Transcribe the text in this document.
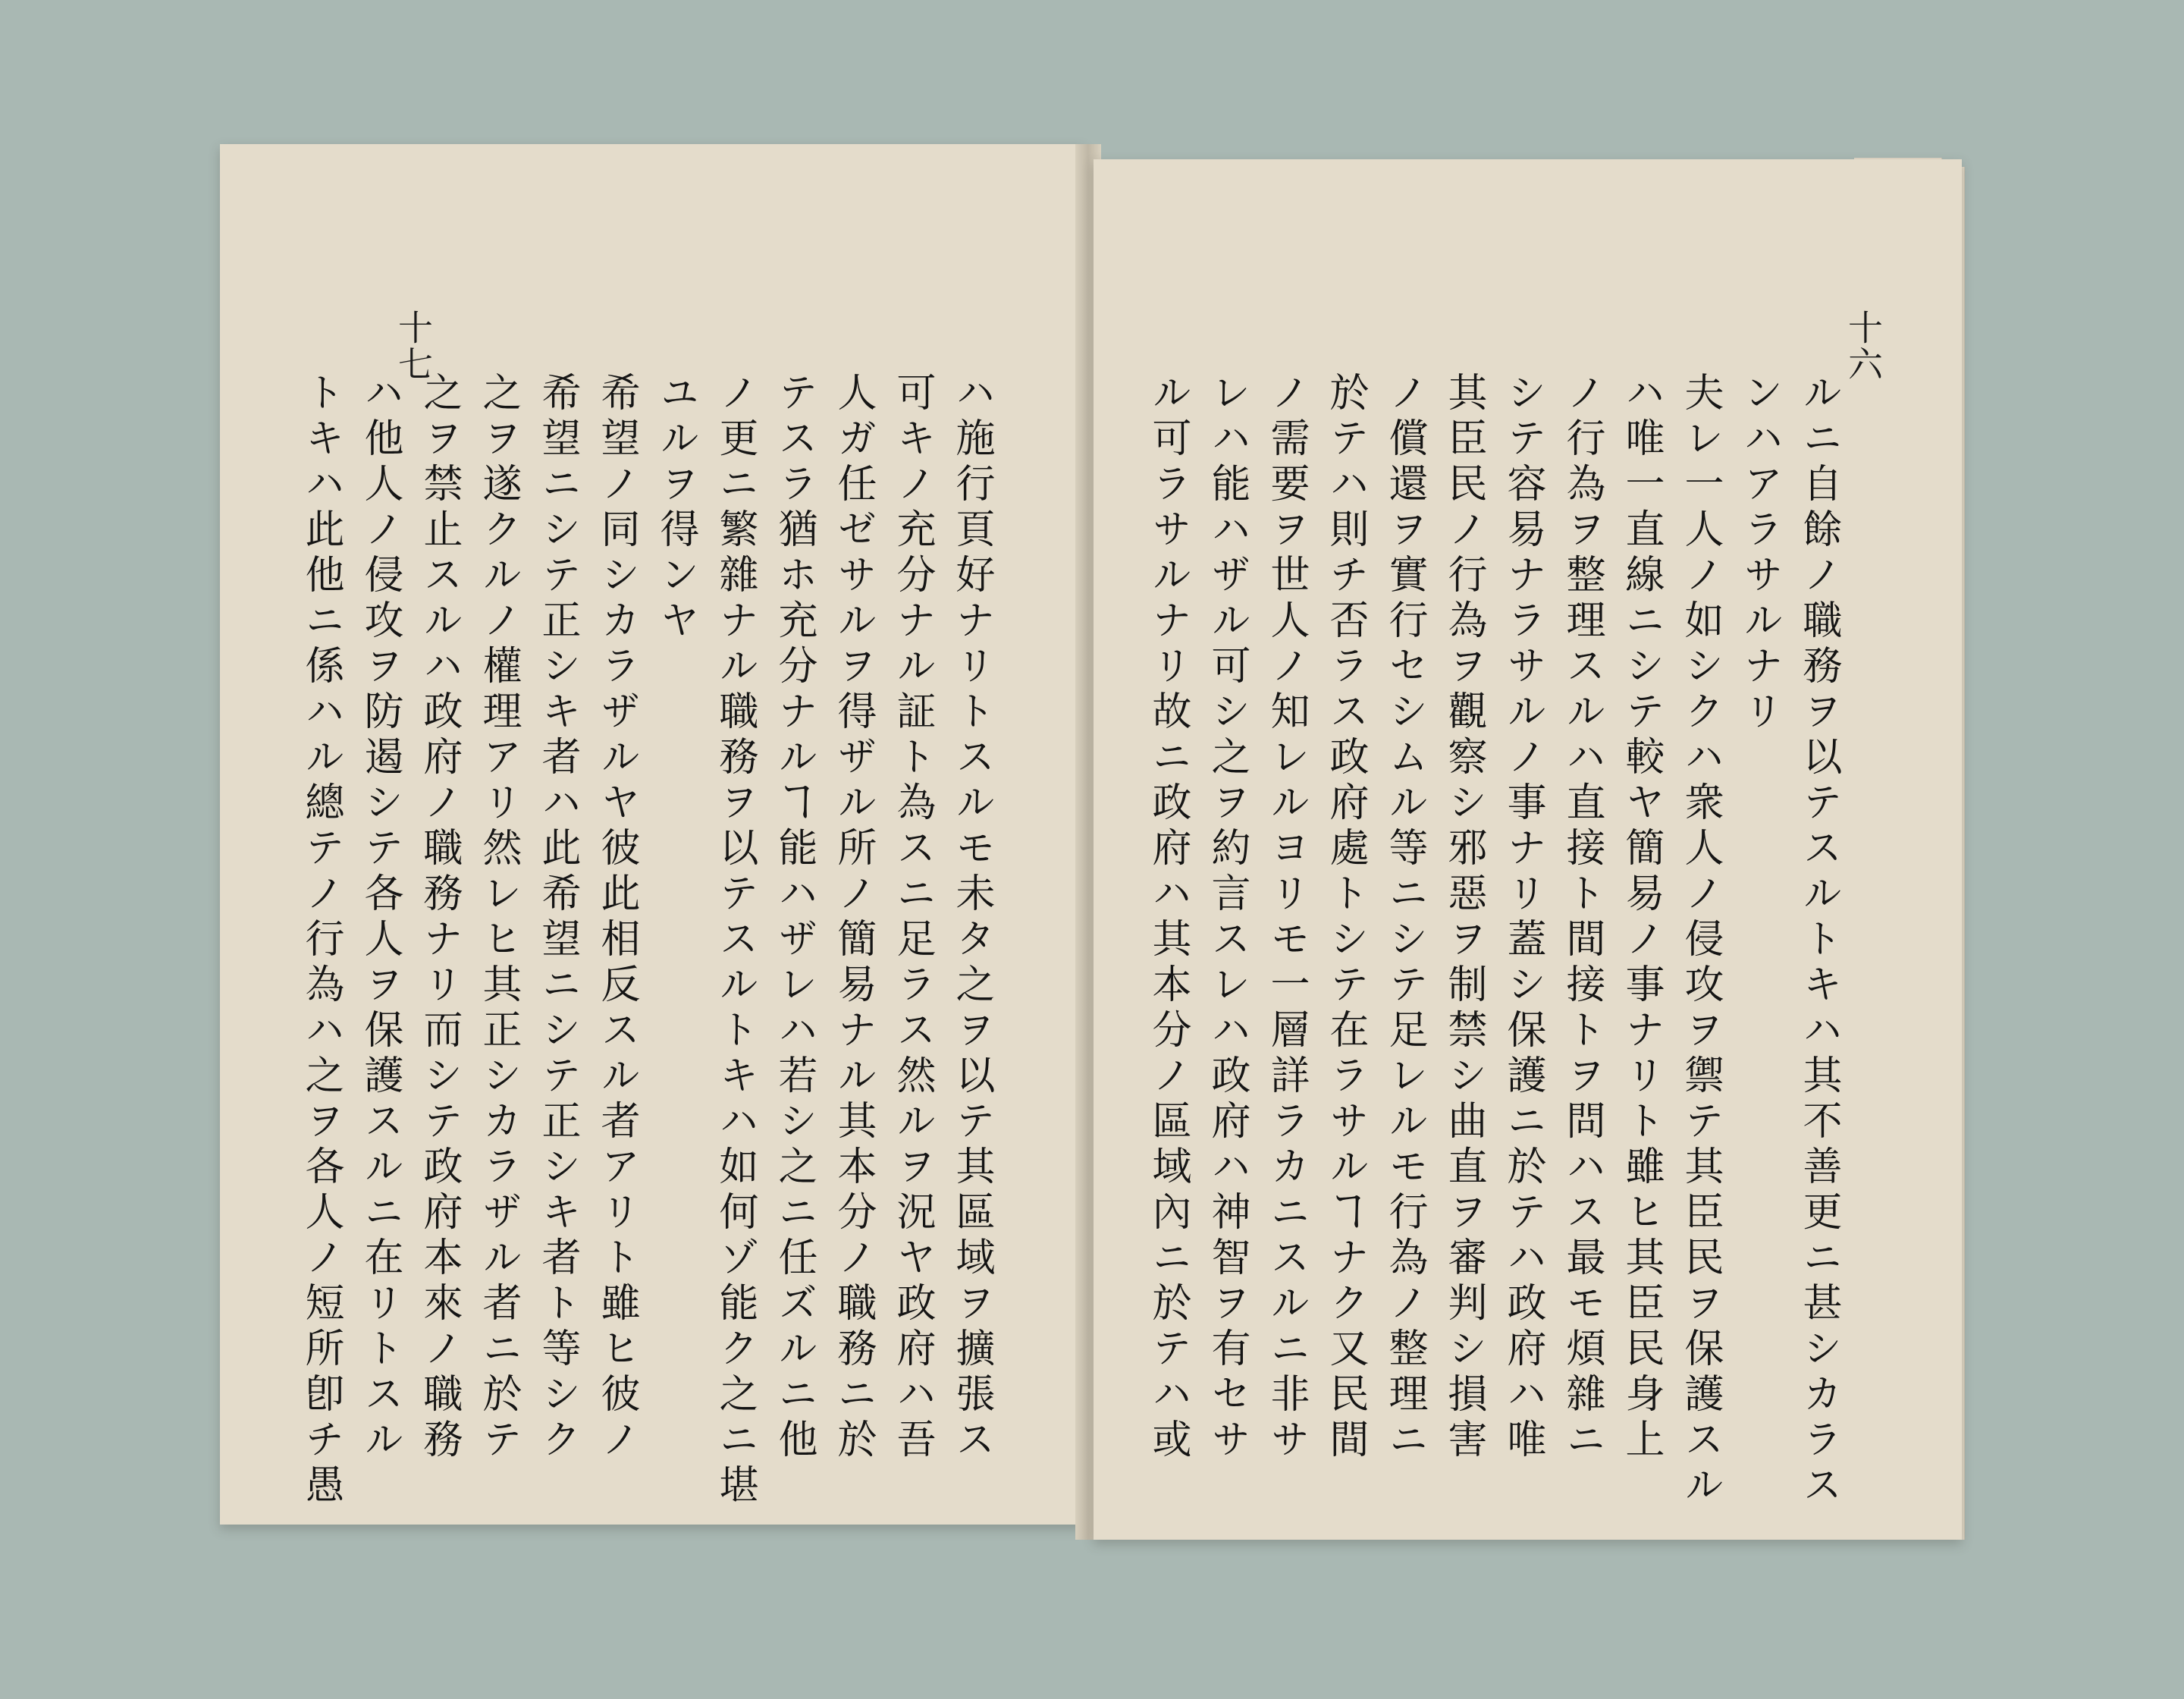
十七
ハ施行頁好ナリトスルモ未タ之ヲ以テ其區域ヲ擴張ス
可キノ充分ナル証ト為スニ足ラス然ルヲ況ヤ政府ハ吾
人ガ任ゼサルヲ得ザル所ノ簡易ナル其本分ノ職務ニ於
テスラ猶ホ充分ナルヿ能ハザレハ若シ之ニ任ズルニ他
ノ更ニ繁雜ナル職務ヲ以テスルトキハ如何ゾ能ク之ニ堪
ユルヲ得ンヤ
希望ノ同シカラザルヤ彼此相反スル者アリト雖ヒ彼ノ
希望ニシテ正シキ者ハ此希望ニシテ正シキ者ト等シク
之ヲ遂クルノ權理アリ然レヒ其正シカラザル者ニ於テ
之ヲ禁止スルハ政府ノ職務ナリ而シテ政府本來ノ職務
ハ他人ノ侵攻ヲ防遏シテ各人ヲ保護スルニ在リトスル
トキハ此他ニ係ハル總テノ行為ハ之ヲ各人ノ短所卽チ愚
十六
ルニ自餘ノ職務ヲ以テスルトキハ其不善更ニ甚シカラス
ンハアラサルナリ
夫レ一人ノ如シクハ衆人ノ侵攻ヲ禦テ其臣民ヲ保護スル
ハ唯一直線ニシテ較ヤ簡易ノ事ナリト雖ヒ其臣民身上
ノ行為ヲ整理スルハ直接ト間接トヲ問ハス最モ煩雜ニ
シテ容易ナラサルノ事ナリ蓋シ保護ニ於テハ政府ハ唯
其臣民ノ行為ヲ觀察シ邪惡ヲ制禁シ曲直ヲ審判シ損害
ノ償還ヲ實行セシムル等ニシテ足レルモ行為ノ整理ニ
於テハ則チ否ラス政府處トシテ在ラサルヿナク又民間
ノ需要ヲ世人ノ知レルヨリモ一層詳ラカニスルニ非サ
レハ能ハザル可シ之ヲ約言スレハ政府ハ神智ヲ有セサ
ル可ラサルナリ故ニ政府ハ其本分ノ區域內ニ於テハ或
